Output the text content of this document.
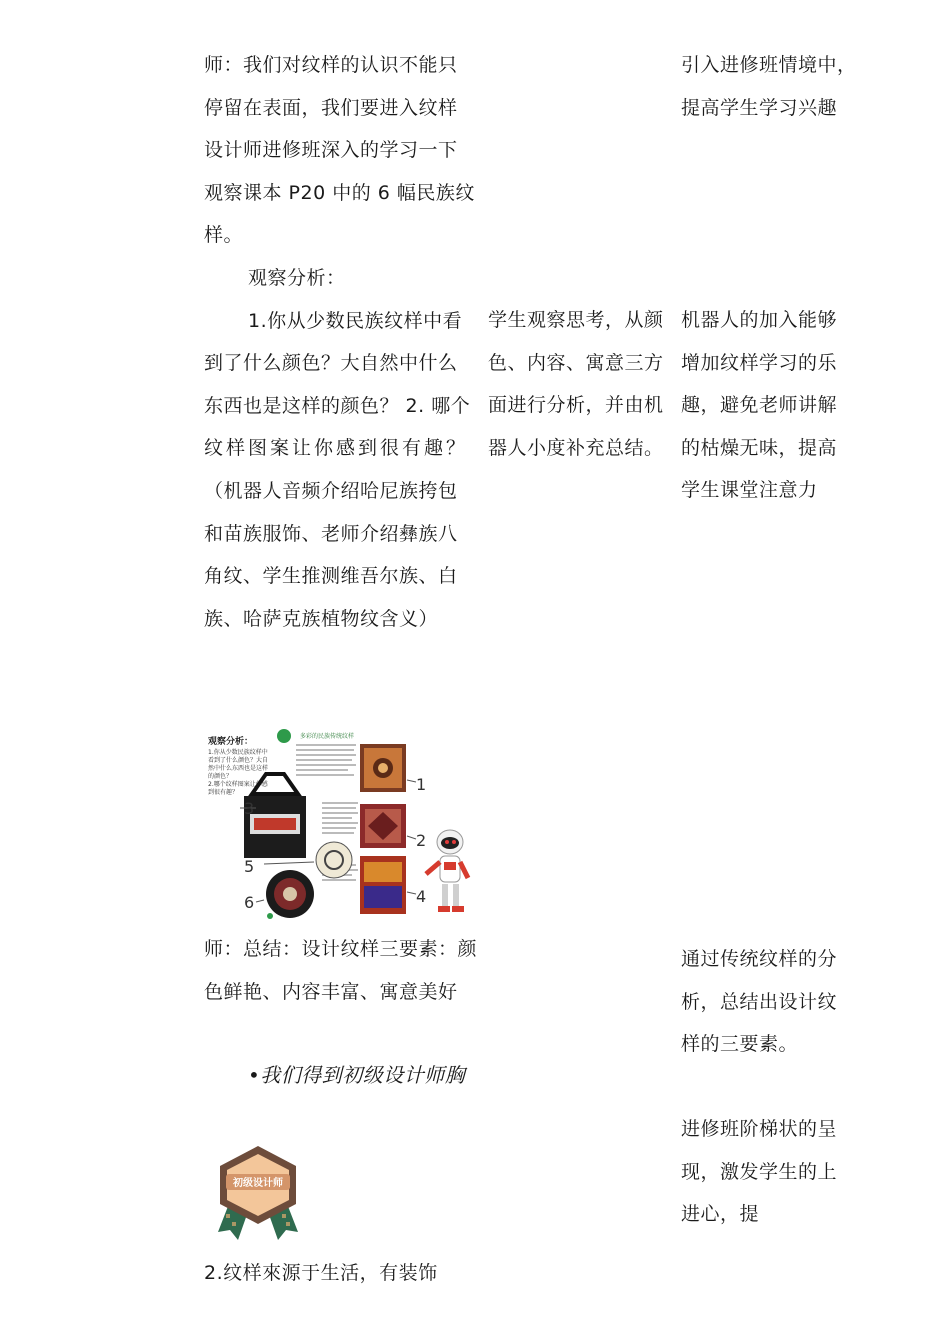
师：我们对纹样的认识不能只
停留在表面，我们要进入纹样
设计师进修班深入的学习一下
观察课本 P20 中的 6 幅民族纹
样。
观察分析：
1.你从少数民族纹样中看
到了什么颜色？大自然中什么
东西也是这样的颜色？ 2. 哪个
纹样图案让你感到很有趣？
（机器人音频介绍哈尼族挎包
和苗族服饰、老师介绍彝族八
角纹、学生推测维吾尔族、白
族、哈萨克族植物纹含义）
观察分析：
1.你从少数民族纹样中
看到了什么颜色？大自
然中什么东西也是这样
的颜色？
2.哪个纹样图案让你感
到很有趣？
多彩的民族传统纹样
1
2
3
4
5
6
师：总结：设计纹样三要素：颜
色鲜艳、内容丰富、寓意美好
•我们得到初级设计师胸
初级设计师
2.纹样來源于生活，有装饰
学生观察思考，从颜
色、内容、寓意三方
面进行分析，并由机
器人小度补充总结。
引入进修班情境中，
提高学生学习兴趣
机器人的加入能够
增加纹样学习的乐
趣，避免老师讲解
的枯燥无味，提高
学生课堂注意力
通过传统纹样的分
析，总结出设计纹
样的三要素。
进修班阶梯状的呈
现，激发学生的上
进心，提
